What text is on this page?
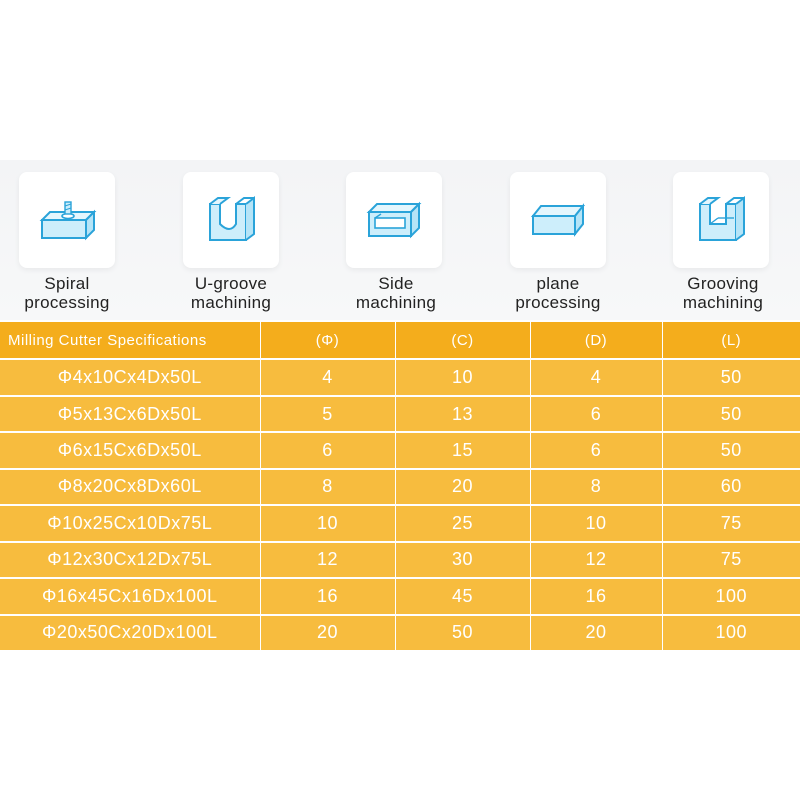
Spiral
processing
U-groove
machining
Side
machining
plane
processing
Grooving
machining
Milling Cutter Specifications	(Φ)	(C)	(D)	(L)
Φ4x10Cx4Dx50L	4	10	4	50
Φ5x13Cx6Dx50L	5	13	6	50
Φ6x15Cx6Dx50L	6	15	6	50
Φ8x20Cx8Dx60L	8	20	8	60
Φ10x25Cx10Dx75L	10	25	10	75
Φ12x30Cx12Dx75L	12	30	12	75
Φ16x45Cx16Dx100L	16	45	16	100
Φ20x50Cx20Dx100L	20	50	20	100
